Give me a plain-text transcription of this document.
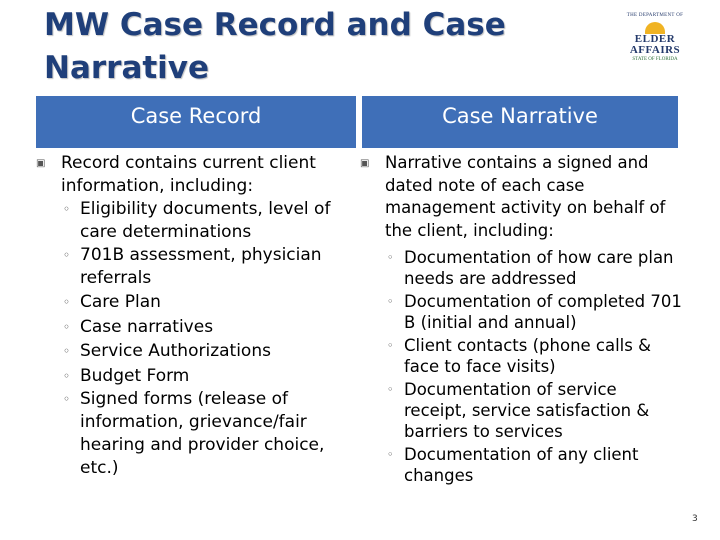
MW Case Record and Case Narrative
THE DEPARTMENT OF
ELDER
AFFAIRS
STATE OF FLORIDA
Case Record	Case Narrative
▣ Record contains current client information, including:
◦ Eligibility documents, level of care determinations
◦ 701B assessment, physician referrals
◦ Care Plan
◦ Case narratives
◦ Service Authorizations
◦ Budget Form
◦ Signed forms (release of information, grievance/fair hearing and provider choice, etc.)
▣ Narrative contains a signed and dated note of each case management activity on behalf of the client, including:
◦ Documentation of how care plan needs are addressed
◦ Documentation of completed 701 B (initial and annual)
◦ Client contacts (phone calls & face to face visits)
◦ Documentation of service receipt, service satisfaction & barriers to services
◦ Documentation of any client changes
3
